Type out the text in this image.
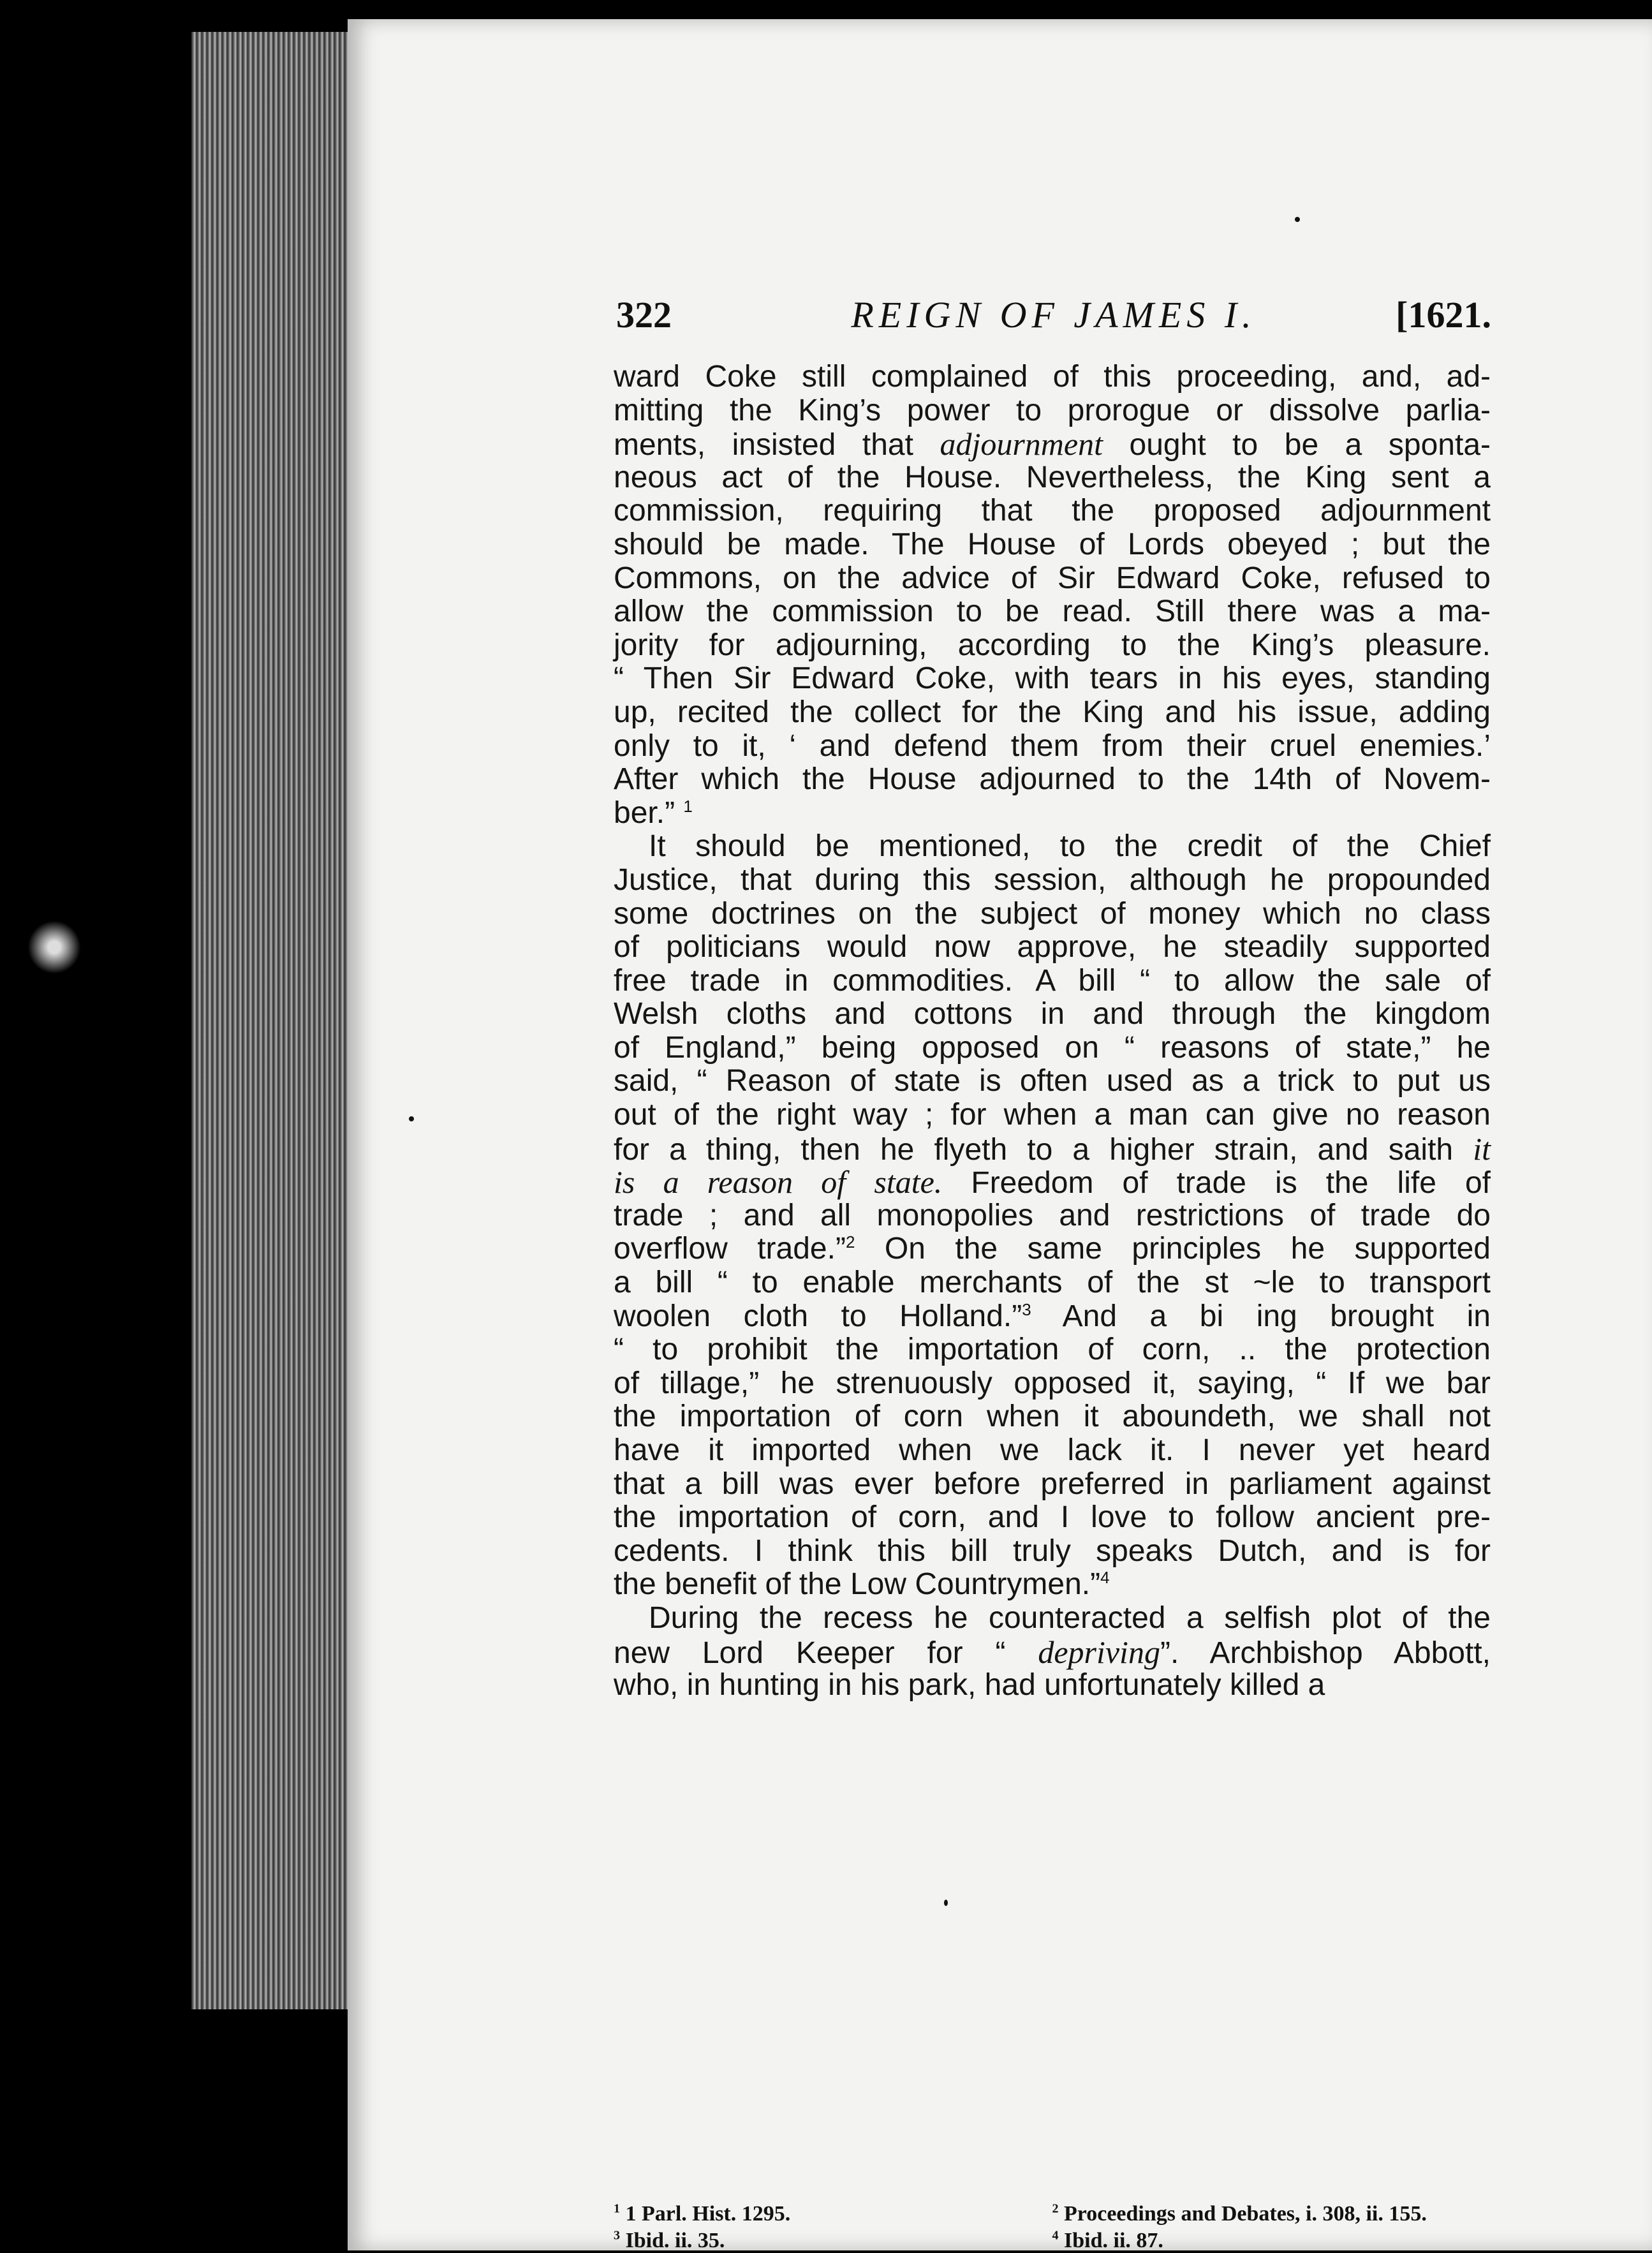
322	REIGN OF JAMES I.	[1621.
ward Coke still complained of this proceeding, and, ad-
mitting the King’s power to prorogue or dissolve parlia-
ments, insisted that adjournment ought to be a sponta-
neous act of the House. Nevertheless, the King sent a
commission, requiring that the proposed adjournment
should be made. The House of Lords obeyed ; but the
Commons, on the advice of Sir Edward Coke, refused to
allow the commission to be read. Still there was a ma-
jority for adjourning, according to the King’s pleasure.
“ Then Sir Edward Coke, with tears in his eyes, standing
up, recited the collect for the King and his issue, adding
only to it, ‘ and defend them from their cruel enemies.’
After which the House adjourned to the 14th of Novem-
ber.” $^1$
It should be mentioned, to the credit of the Chief
Justice, that during this session, although he propounded
some doctrines on the subject of money which no class
of politicians would now approve, he steadily supported
free trade in commodities. A bill “ to allow the sale of
Welsh cloths and cottons in and through the kingdom
of England,” being opposed on “ reasons of state,” he
said, “ Reason of state is often used as a trick to put us
out of the right way ; for when a man can give no reason
for a thing, then he flyeth to a higher strain, and saith it
is a reason of state. Freedom of trade is the life of
trade ; and all monopolies and restrictions of trade do
overflow trade.”$^2$ On the same principles he supported
a bill “ to enable merchants of the st ~le to transport
woolen cloth to Holland.”$^3$ And a bi ing brought in
“ to prohibit the importation of corn, .. the protection
of tillage,” he strenuously opposed it, saying, “ If we bar
the importation of corn when it aboundeth, we shall not
have it imported when we lack it. I never yet heard
that a bill was ever before preferred in parliament against
the importation of corn, and I love to follow ancient pre-
cedents. I think this bill truly speaks Dutch, and is for
the benefit of the Low Countrymen.”$^4$
During the recess he counteracted a selfish plot of the
new Lord Keeper for “ depriving”. Archbishop Abbott,
who, in hunting in his park, had unfortunately killed a
$^1$ 1 Parl. Hist. 1295.	$^2$ Proceedings and Debates, i. 308, ii. 155.
$^3$ Ibid. ii. 35.	$^4$ Ibid. ii. 87.
